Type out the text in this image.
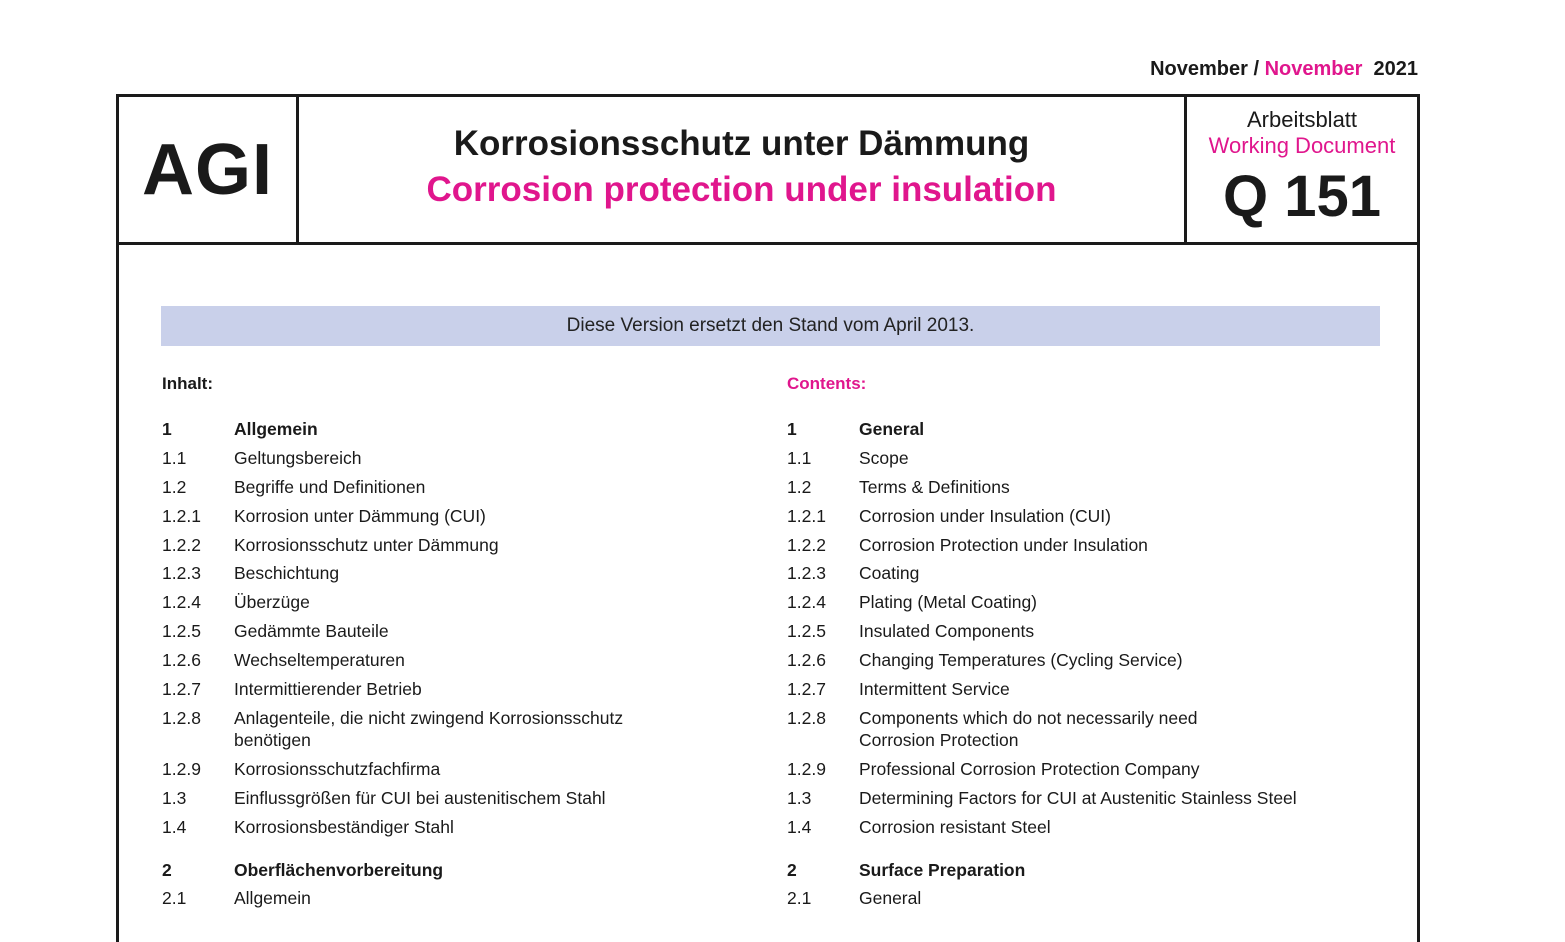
November / November 2021
AGI	Korrosionsschutz unter Dämmung
Corrosion protection under insulation
Arbeitsblatt
Working Document
Q 151
Diese Version ersetzt den Stand vom April 2013.
Inhalt:
1	Allgemein
1.1	Geltungsbereich
1.2	Begriffe und Definitionen
1.2.1	Korrosion unter Dämmung (CUI)
1.2.2	Korrosionsschutz unter Dämmung
1.2.3	Beschichtung
1.2.4	Überzüge
1.2.5	Gedämmte Bauteile
1.2.6	Wechseltemperaturen
1.2.7	Intermittierender Betrieb
1.2.8	Anlagenteile, die nicht zwingend Korrosionsschutz benötigen
1.2.9	Korrosionsschutzfachfirma
1.3	Einflussgrößen für CUI bei austenitischem Stahl
1.4	Korrosionsbeständiger Stahl
2	Oberflächenvorbereitung
2.1	Allgemein
Contents:
1	General
1.1	Scope
1.2	Terms & Definitions
1.2.1	Corrosion under Insulation (CUI)
1.2.2	Corrosion Protection under Insulation
1.2.3	Coating
1.2.4	Plating (Metal Coating)
1.2.5	Insulated Components
1.2.6	Changing Temperatures (Cycling Service)
1.2.7	Intermittent Service
1.2.8	Components which do not necessarily need Corrosion Protection
1.2.9	Professional Corrosion Protection Company
1.3	Determining Factors for CUI at Austenitic Stainless Steel
1.4	Corrosion resistant Steel
2	Surface Preparation
2.1	General
